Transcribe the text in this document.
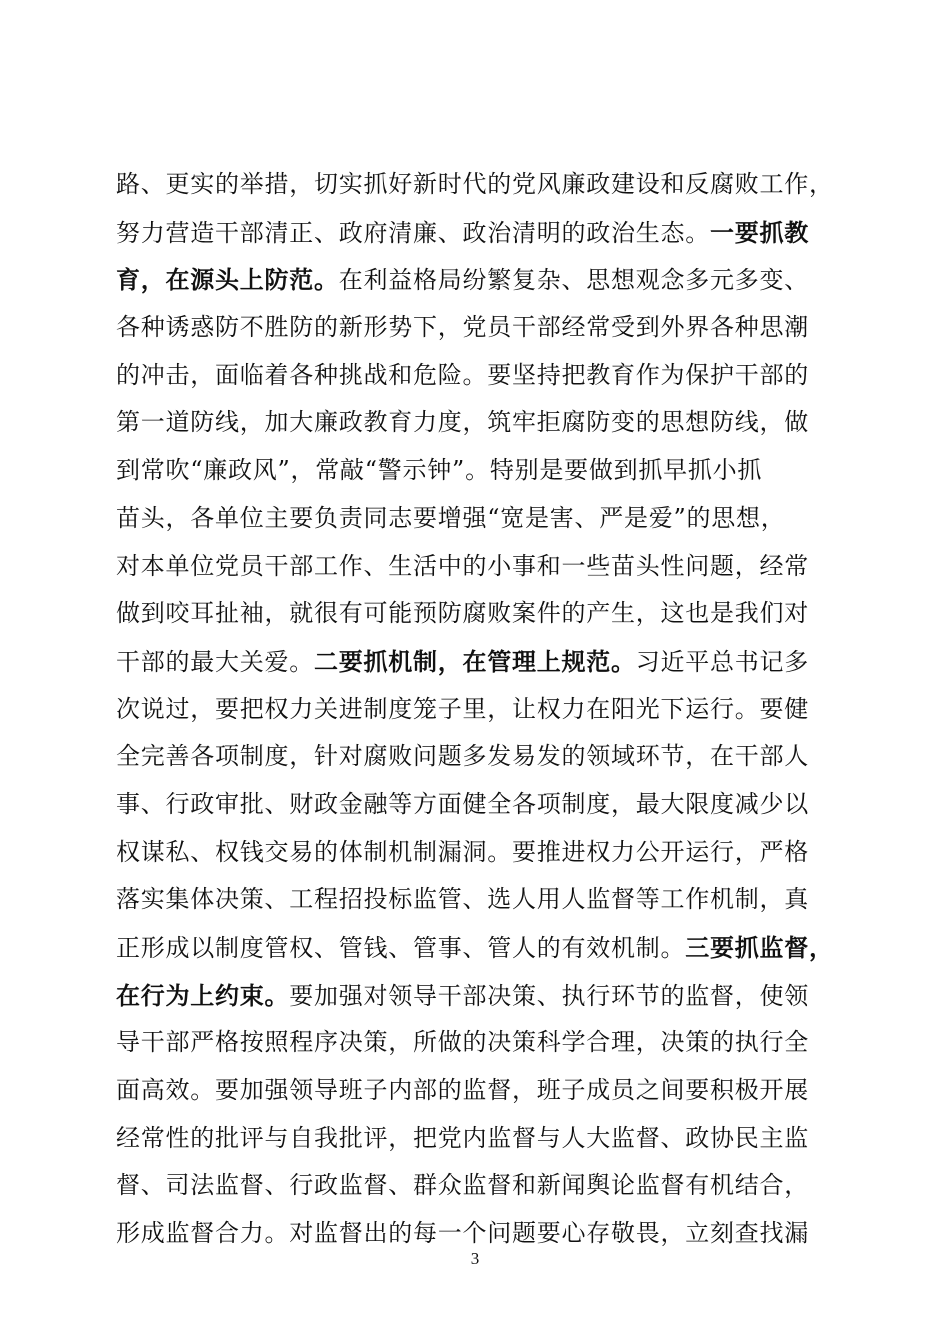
路、更实的举措，切实抓好新时代的党风廉政建设和反腐败工作，
努力营造干部清正、政府清廉、政治清明的政治生态。一要抓教
育，在源头上防范。在利益格局纷繁复杂、思想观念多元多变、
各种诱惑防不胜防的新形势下，党员干部经常受到外界各种思潮
的冲击，面临着各种挑战和危险。要坚持把教育作为保护干部的
第一道防线，加大廉政教育力度，筑牢拒腐防变的思想防线，做
到常吹“廉政风”，常敲“警示钟”。特别是要做到抓早抓小抓
苗头，各单位主要负责同志要增强“宽是害、严是爱”的思想，
对本单位党员干部工作、生活中的小事和一些苗头性问题，经常
做到咬耳扯袖，就很有可能预防腐败案件的产生，这也是我们对
干部的最大关爱。二要抓机制，在管理上规范。习近平总书记多
次说过，要把权力关进制度笼子里，让权力在阳光下运行。要健
全完善各项制度，针对腐败问题多发易发的领域环节，在干部人
事、行政审批、财政金融等方面健全各项制度，最大限度减少以
权谋私、权钱交易的体制机制漏洞。要推进权力公开运行，严格
落实集体决策、工程招投标监管、选人用人监督等工作机制，真
正形成以制度管权、管钱、管事、管人的有效机制。三要抓监督，
在行为上约束。要加强对领导干部决策、执行环节的监督，使领
导干部严格按照程序决策，所做的决策科学合理，决策的执行全
面高效。要加强领导班子内部的监督，班子成员之间要积极开展
经常性的批评与自我批评，把党内监督与人大监督、政协民主监
督、司法监督、行政监督、群众监督和新闻舆论监督有机结合，
形成监督合力。对监督出的每一个问题要心存敬畏，立刻查找漏
3
